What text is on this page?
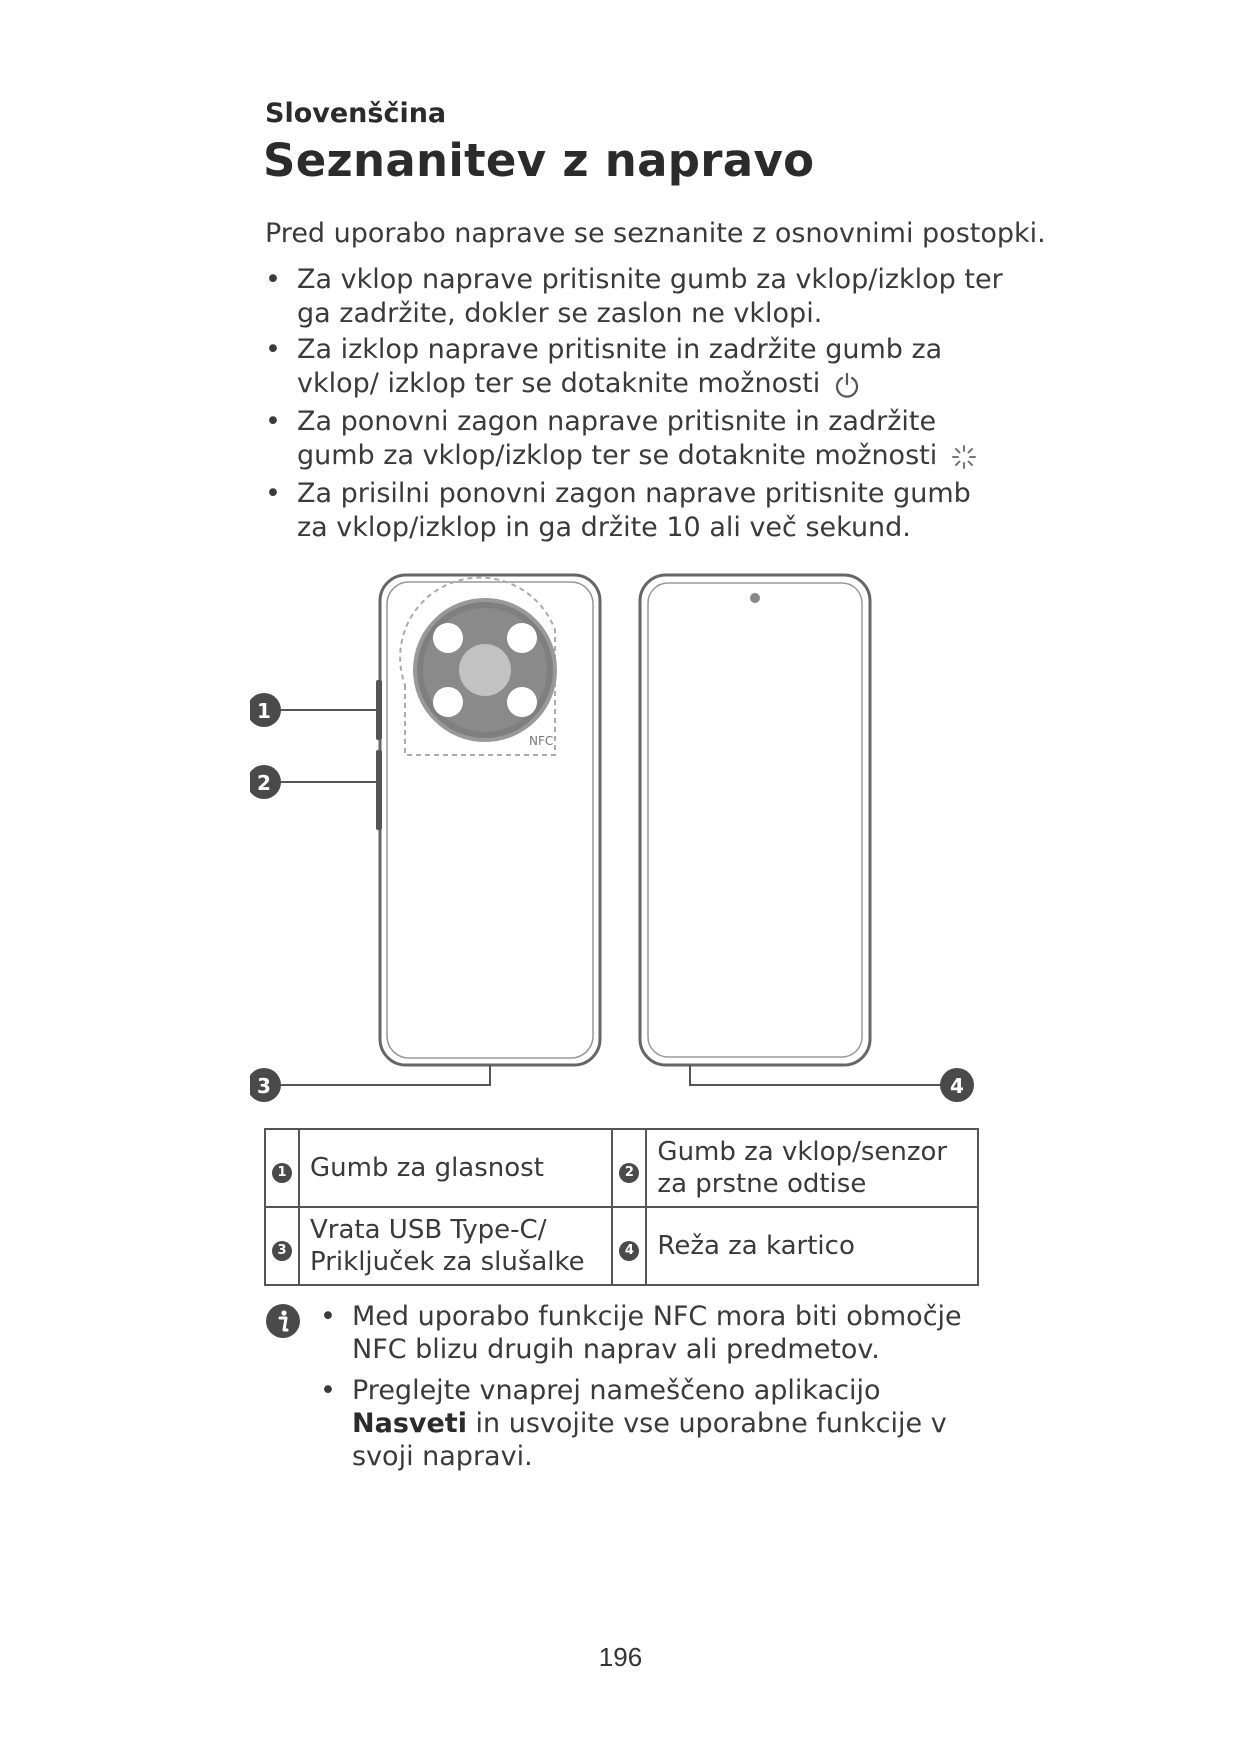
Slovenščina

Seznanitev z napravo

Pred uporabo naprave se seznanite z osnovnimi postopki.

• Za vklop naprave pritisnite gumb za vklop/izklop ter ga zadržite, dokler se zaslon ne vklopi.
• Za izklop naprave pritisnite in zadržite gumb za vklop/ izklop ter se dotaknite možnosti
• Za ponovni zagon naprave pritisnite in zadržite gumb za vklop/izklop ter se dotaknite možnosti
• Za prisilni ponovni zagon naprave pritisnite gumb za vklop/izklop in ga držite 10 ali več sekund.
NFC
1
2
3	4
1	Gumb za glasnost	2	Gumb za vklop/senzor za prstne odtise
3	Vrata USB Type-C/ Priključek za slušalke	4	Reža za kartico
• Med uporabo funkcije NFC mora biti območje NFC blizu drugih naprav ali predmetov.
• Preglejte vnaprej nameščeno aplikacijo Nasveti in usvojite vse uporabne funkcije v svoji napravi.

196
